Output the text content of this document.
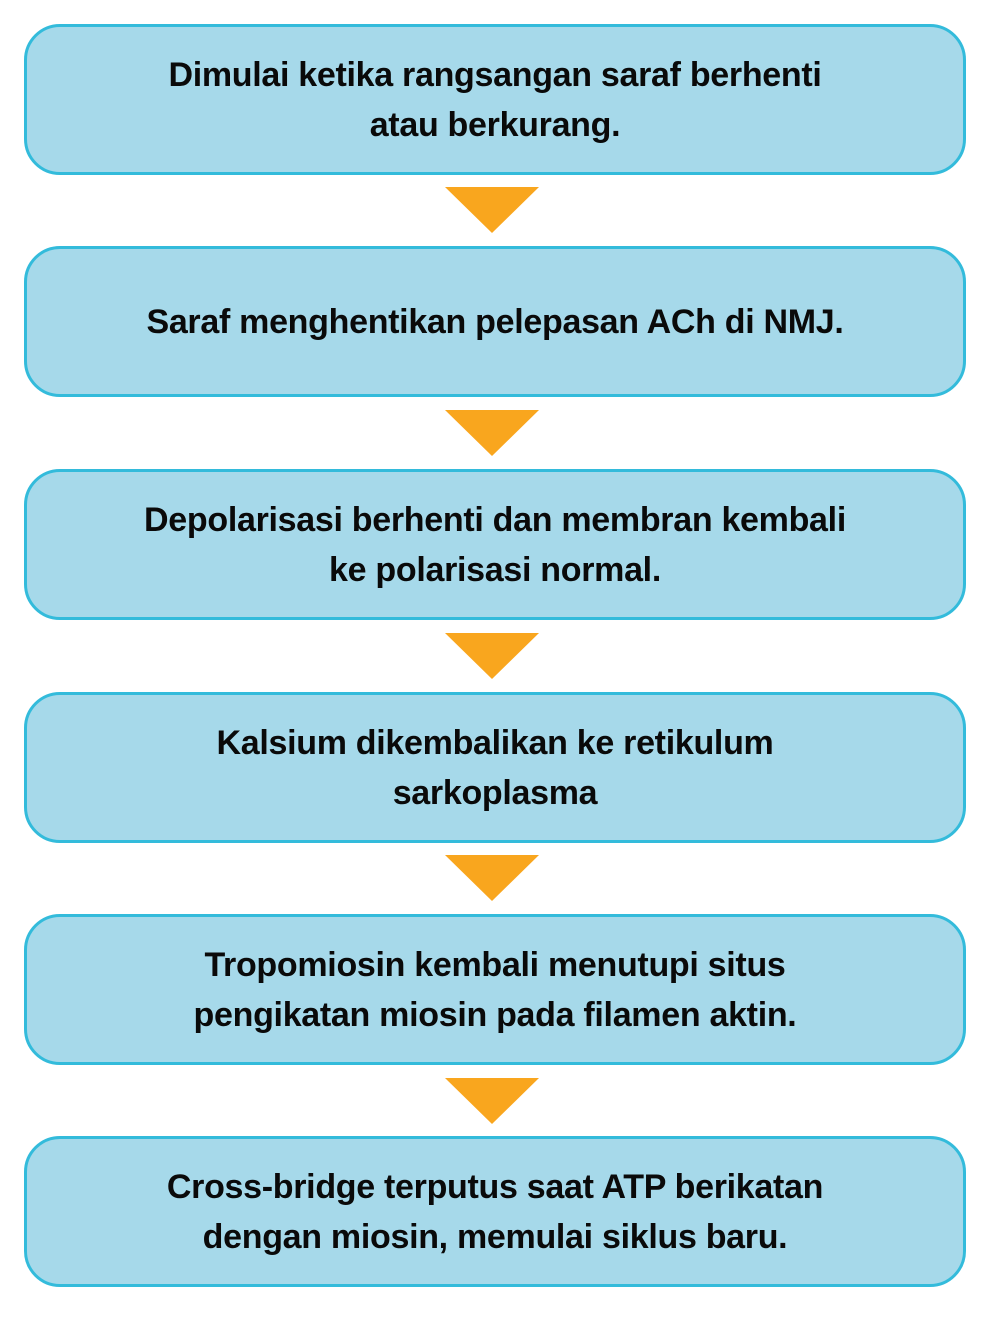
Dimulai ketika rangsangan saraf berhenti
atau berkurang.
Saraf menghentikan pelepasan ACh di NMJ.
Depolarisasi berhenti dan membran kembali
ke polarisasi normal.
Kalsium dikembalikan ke retikulum
sarkoplasma
Tropomiosin kembali menutupi situs
pengikatan miosin pada filamen aktin.
Cross-bridge terputus saat ATP berikatan
dengan miosin, memulai siklus baru.
